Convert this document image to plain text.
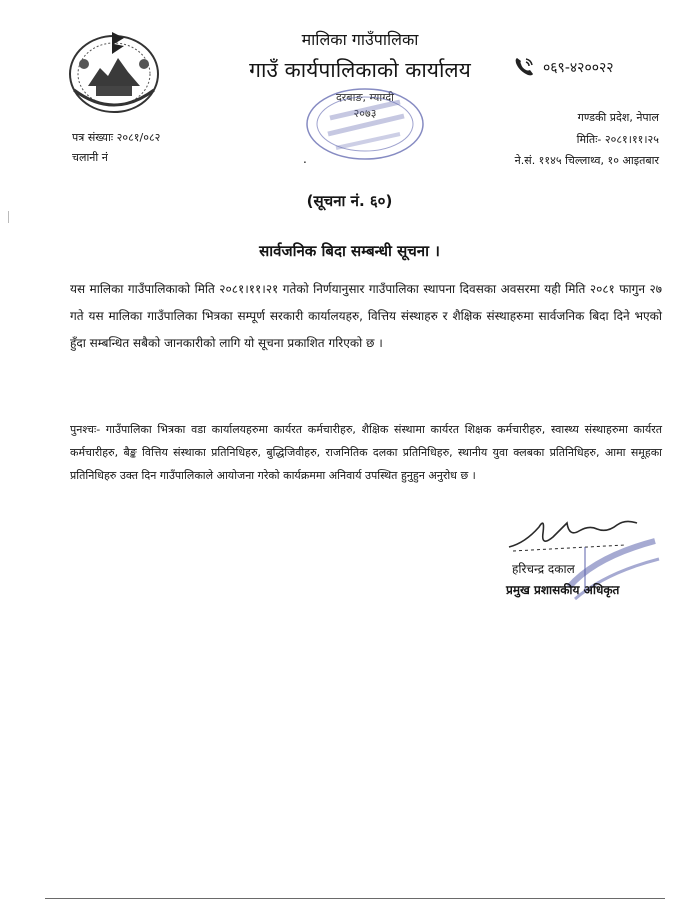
मालिका गाउँपालिका
गाउँ कार्यपालिकाको कार्यालय
दरबाङ, म्याग्दी
२०७३
०६९-४२००२२
गण्डकी प्रदेश, नेपाल
मितिः- २०८१।११।२५
ने.सं. ११४५ चिल्लाथ्व, १० आइतबार
पत्र संख्याः २०८१/०८२
चलानी नं	.
(सूचना नं. ६०)
सार्वजनिक बिदा सम्बन्धी सूचना ।
यस मालिका गाउँपालिकाको मिति २०८१।११।२१ गतेको निर्णयानुसार गाउँपालिका स्थापना दिवसका अवसरमा यही मिति २०८१ फागुन २७ गते यस मालिका गाउँपालिका भित्रका सम्पूर्ण सरकारी कार्यालयहरु, वित्तिय संस्थाहरु र शैक्षिक संस्थाहरुमा सार्वजनिक बिदा दिने भएको हुँदा सम्बन्धित सबैको जानकारीको लागि यो सूचना प्रकाशित गरिएको छ ।
पुनश्चः- गाउँपालिका भित्रका वडा कार्यालयहरुमा कार्यरत कर्मचारीहरु, शैक्षिक संस्थामा कार्यरत शिक्षक कर्मचारीहरु, स्वास्थ्य संस्थाहरुमा कार्यरत कर्मचारीहरु, बैङ्क वित्तिय संस्थाका प्रतिनिधिहरु, बुद्धिजिवीहरु, राजनितिक दलका प्रतिनिधिहरु, स्थानीय युवा क्लबका प्रतिनिधिहरु, आमा समूहका प्रतिनिधिहरु उक्त दिन गाउँपालिकाले आयोजना गरेको कार्यक्रममा अनिवार्य उपस्थित हुनुहुन अनुरोध छ ।
हरिचन्द्र दकाल
प्रमुख प्रशासकीय अधिकृत
